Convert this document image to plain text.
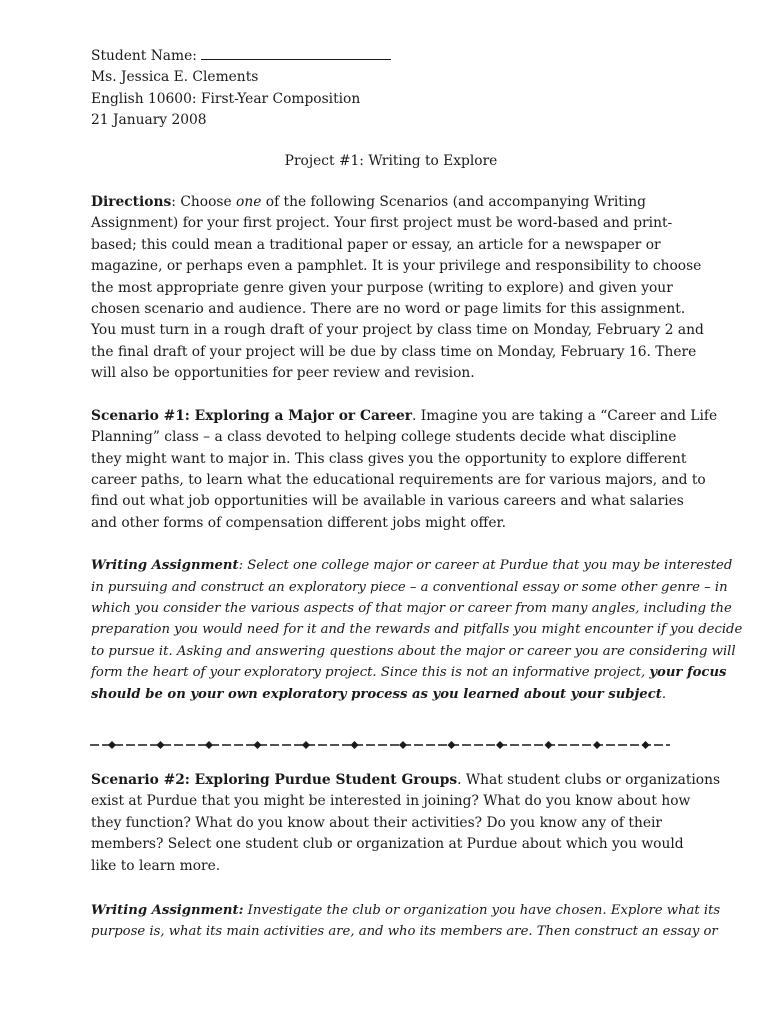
Student Name:
Ms. Jessica E. Clements
English 10600: First-Year Composition
21 January 2008
Project #1: Writing to Explore
Directions: Choose one of the following Scenarios (and accompanying Writing
Assignment) for your first project. Your first project must be word-based and print-
based; this could mean a traditional paper or essay, an article for a newspaper or
magazine, or perhaps even a pamphlet. It is your privilege and responsibility to choose
the most appropriate genre given your purpose (writing to explore) and given your
chosen scenario and audience. There are no word or page limits for this assignment.
You must turn in a rough draft of your project by class time on Monday, February 2 and
the final draft of your project will be due by class time on Monday, February 16. There
will also be opportunities for peer review and revision.
Scenario #1: Exploring a Major or Career. Imagine you are taking a “Career and Life
Planning” class – a class devoted to helping college students decide what discipline
they might want to major in. This class gives you the opportunity to explore different
career paths, to learn what the educational requirements are for various majors, and to
find out what job opportunities will be available in various careers and what salaries
and other forms of compensation different jobs might offer.
Writing Assignment: Select one college major or career at Purdue that you may be interested
in pursuing and construct an exploratory piece – a conventional essay or some other genre – in
which you consider the various aspects of that major or career from many angles, including the
preparation you would need for it and the rewards and pitfalls you might encounter if you decide
to pursue it. Asking and answering questions about the major or career you are considering will
form the heart of your exploratory project. Since this is not an informative project, your focus
should be on your own exploratory process as you learned about your subject.
Scenario #2: Exploring Purdue Student Groups. What student clubs or organizations
exist at Purdue that you might be interested in joining? What do you know about how
they function? What do you know about their activities? Do you know any of their
members? Select one student club or organization at Purdue about which you would
like to learn more.
Writing Assignment: Investigate the club or organization you have chosen. Explore what its
purpose is, what its main activities are, and who its members are. Then construct an essay or
